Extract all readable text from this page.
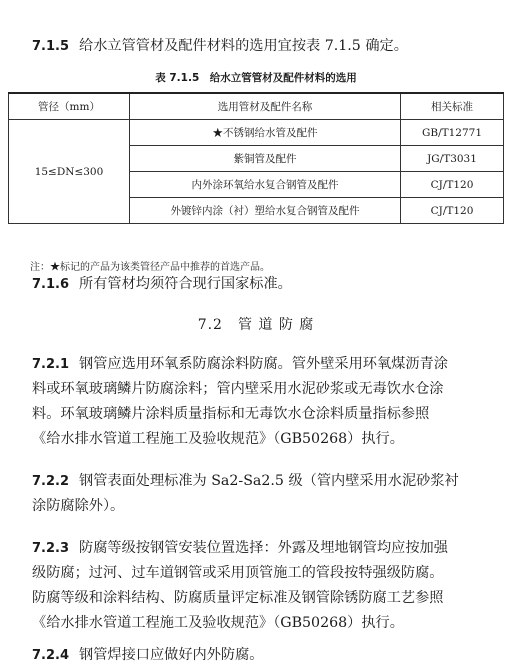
7.1.5 给水立管管材及配件材料的选用宜按表 7.1.5 确定。
表 7.1.5　给水立管管材及配件材料的选用
管径（mm）	选用管材及配件名称	相关标准
15≤DN≤300	★不锈钢给水管及配件	GB/T12771
	紫铜管及配件	JG/T3031
	内外涂环氧给水复合钢管及配件	CJ/T120
	外镀锌内涂（衬）塑给水复合钢管及配件	CJ/T120
注：★标记的产品为该类管径产品中推荐的首选产品。
7.1.6 所有管材均须符合现行国家标准。
7.2　管 道 防 腐
7.2.1 钢管应选用环氧系防腐涂料防腐。管外壁采用环氧煤沥青涂
料或环氧玻璃鳞片防腐涂料；管内壁采用水泥砂浆或无毒饮水仓涂
料。环氧玻璃鳞片涂料质量指标和无毒饮水仓涂料质量指标参照
《给水排水管道工程施工及验收规范》（GB50268）执行。
7.2.2 钢管表面处理标准为 Sa2-Sa2.5 级（管内壁采用水泥砂浆衬
涂防腐除外）。
7.2.3 防腐等级按钢管安装位置选择：外露及埋地钢管均应按加强
级防腐；过河、过车道钢管或采用顶管施工的管段按特强级防腐。
防腐等级和涂料结构、防腐质量评定标准及钢管除锈防腐工艺参照
《给水排水管道工程施工及验收规范》（GB50268）执行。
7.2.4 钢管焊接口应做好内外防腐。
